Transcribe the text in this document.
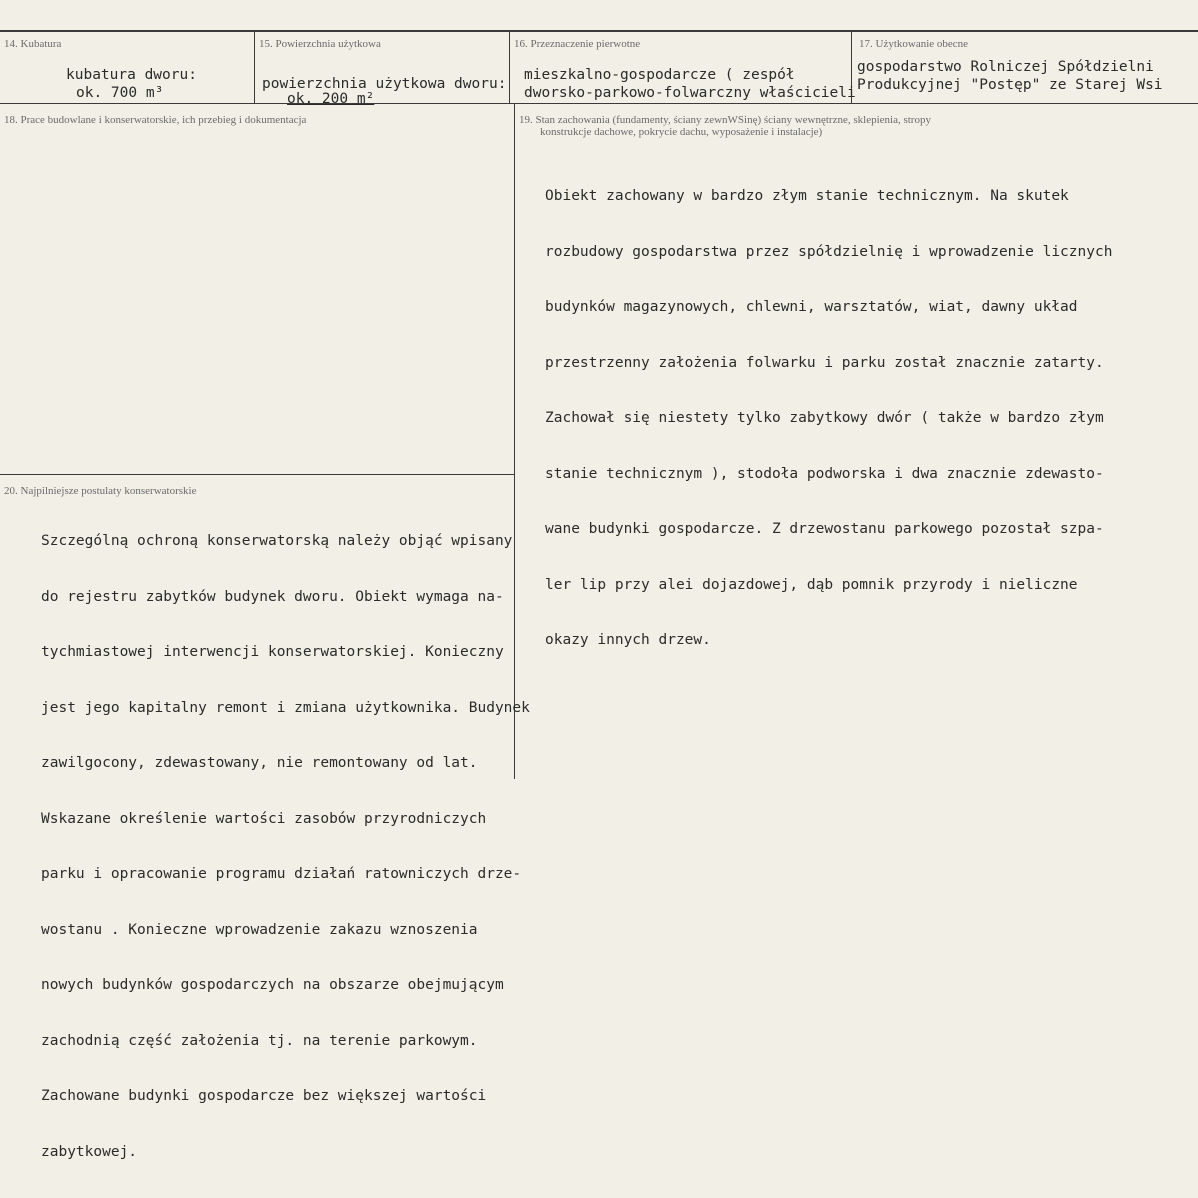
14. Kubatura
kubatura dworu:
ok. 700 m³
15. Powierzchnia użytkowa
powierzchnia użytkowa dworu:
ok. 200 m²
16. Przeznaczenie pierwotne
mieszkalno-gospodarcze ( zespół
dworsko-parkowo-folwarczny właścicieli
17. Użytkowanie obecne
gospodarstwo Rolniczej Spółdzielni
Produkcyjnej "Postęp" ze Starej Wsi
18. Prace budowlane i konserwatorskie, ich przebieg i dokumentacja	19. Stan zachowania (fundamenty, ściany zewnWSinę) ściany wewnętrzne, sklepienia, stropy
konstrukcje dachowe, pokrycie dachu, wyposażenie i instalacje)

Obiekt zachowany w bardzo złym stanie technicznym. Na skutek

rozbudowy gospodarstwa przez spółdzielnię i wprowadzenie licznych

budynków magazynowych, chlewni, warsztatów, wiat, dawny układ

przestrzenny założenia folwarku i parku został znacznie zatarty.

Zachował się niestety tylko zabytkowy dwór ( także w bardzo złym

stanie technicznym ), stodoła podworska i dwa znacznie zdewasto-

wane budynki gospodarcze. Z drzewostanu parkowego pozostał szpa-

ler lip przy alei dojazdowej, dąb pomnik przyrody i nieliczne

okazy innych drzew.

20. Najpilniejsze postulaty konserwatorskie

Szczególną ochroną konserwatorską należy objąć wpisany

do rejestru zabytków budynek dworu. Obiekt wymaga na-

tychmiastowej interwencji konserwatorskiej. Konieczny

jest jego kapitalny remont i zmiana użytkownika. Budynek

zawilgocony, zdewastowany, nie remontowany od lat.

Wskazane określenie wartości zasobów przyrodniczych

parku i opracowanie programu działań ratowniczych drze-

wostanu . Konieczne wprowadzenie zakazu wznoszenia

nowych budynków gospodarczych na obszarze obejmującym

zachodnią część założenia tj. na terenie parkowym.

Zachowane budynki gospodarcze bez większej wartości

zabytkowej.
